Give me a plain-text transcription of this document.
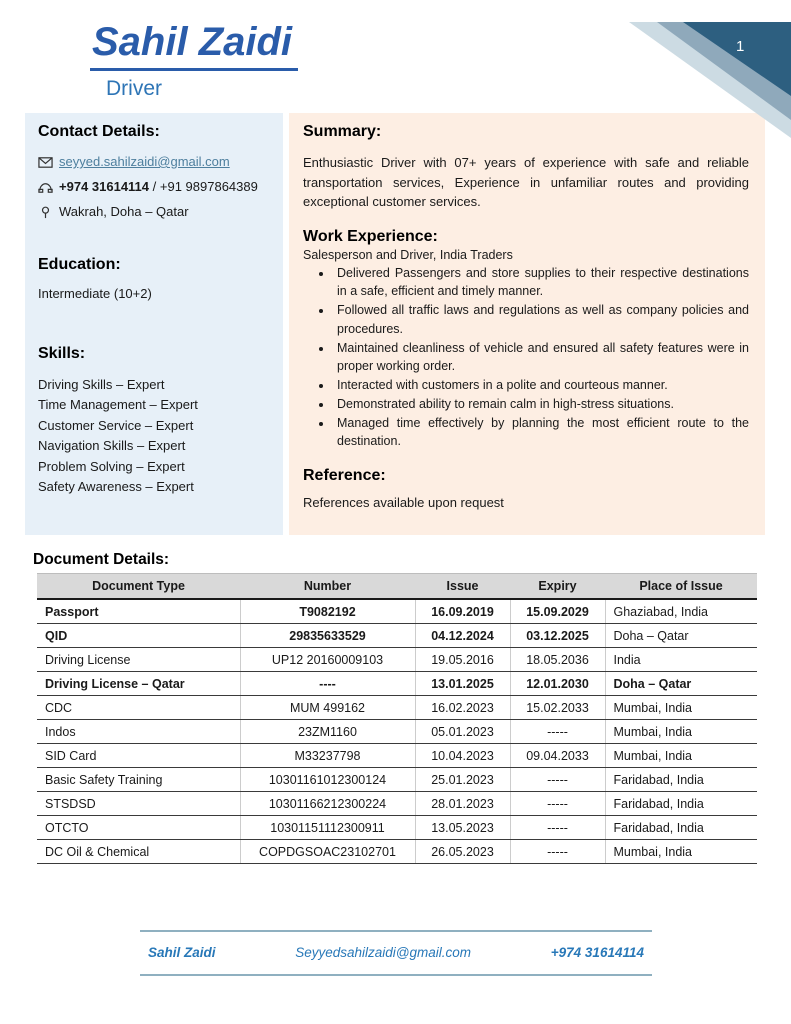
1
Sahil Zaidi
Driver
Contact Details:
seyyed.sahilzaidi@gmail.com
+974 31614114 / +91 9897864389
Wakrah, Doha – Qatar
Education:
Intermediate (10+2)
Skills:
Driving Skills – Expert
Time Management – Expert
Customer Service – Expert
Navigation Skills – Expert
Problem Solving – Expert
Safety Awareness – Expert
Summary:

Enthusiastic Driver with 07+ years of experience with safe and reliable transportation services, Experience in unfamiliar routes and providing exceptional customer services.

Work Experience:
Salesperson and Driver, India Traders
• Delivered Passengers and store supplies to their respective destinations in a safe, efficient and timely manner.
• Followed all traffic laws and regulations as well as company policies and procedures.
• Maintained cleanliness of vehicle and ensured all safety features were in proper working order.
• Interacted with customers in a polite and courteous manner.
• Demonstrated ability to remain calm in high-stress situations.
• Managed time effectively by planning the most efficient route to the destination.
Reference:
References available upon request
Document Details:
Document Type	Number	Issue	Expiry	Place of Issue
Passport	T9082192	16.09.2019	15.09.2029	Ghaziabad, India
QID	29835633529	04.12.2024	03.12.2025	Doha – Qatar
Driving License	UP12 20160009103	19.05.2016	18.05.2036	India
Driving License – Qatar	----	13.01.2025	12.01.2030	Doha – Qatar
CDC	MUM 499162	16.02.2023	15.02.2033	Mumbai, India
Indos	23ZM1160	05.01.2023	-----	Mumbai, India
SID Card	M33237798	10.04.2023	09.04.2033	Mumbai, India
Basic Safety Training	10301161012300124	25.01.2023	-----	Faridabad, India
STSDSD	10301166212300224	28.01.2023	-----	Faridabad, India
OTCTO	10301151112300911	13.05.2023	-----	Faridabad, India
DC Oil & Chemical	COPDGSOAC23102701	26.05.2023	-----	Mumbai, India
Sahil Zaidi	Seyyedsahilzaidi@gmail.com	+974 31614114
